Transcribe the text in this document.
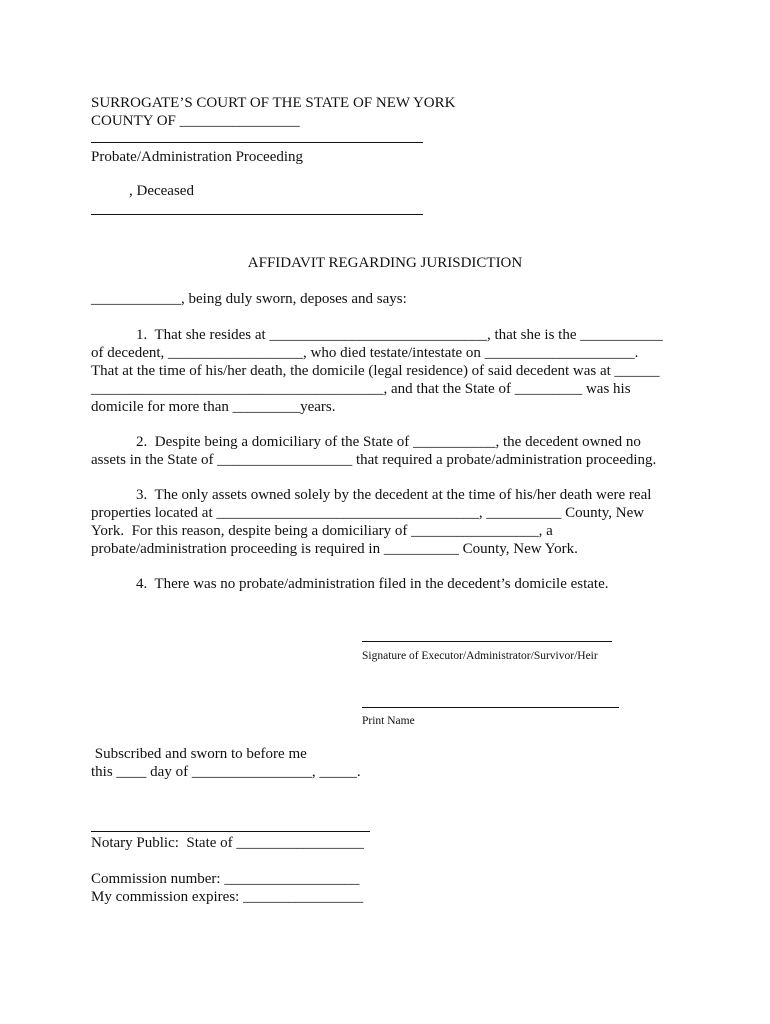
SURROGATE’S COURT OF THE STATE OF NEW YORK

COUNTY OF ________________

Probate/Administration Proceeding

, Deceased

AFFIDAVIT REGARDING JURISDICTION

____________, being duly sworn, deposes and says:

1.  That she resides at _____________________________, that she is the ___________

of decedent, __________________, who died testate/intestate on ____________________.

That at the time of his/her death, the domicile (legal residence) of said decedent was at ______

_______________________________________, and that the State of _________ was his

domicile for more than _________years.

2.  Despite being a domiciliary of the State of ___________, the decedent owned no

assets in the State of __________________ that required a probate/administration proceeding.

3.  The only assets owned solely by the decedent at the time of his/her death were real

properties located at ___________________________________, __________ County, New

York.  For this reason, despite being a domiciliary of _________________, a

probate/administration proceeding is required in __________ County, New York.

4.  There was no probate/administration filed in the decedent’s domicile estate.

Signature of Executor/Administrator/Survivor/Heir

Print Name

Subscribed and sworn to before me

this ____ day of ________________, _____.

Notary Public:  State of _________________

Commission number: __________________

My commission expires: ________________
